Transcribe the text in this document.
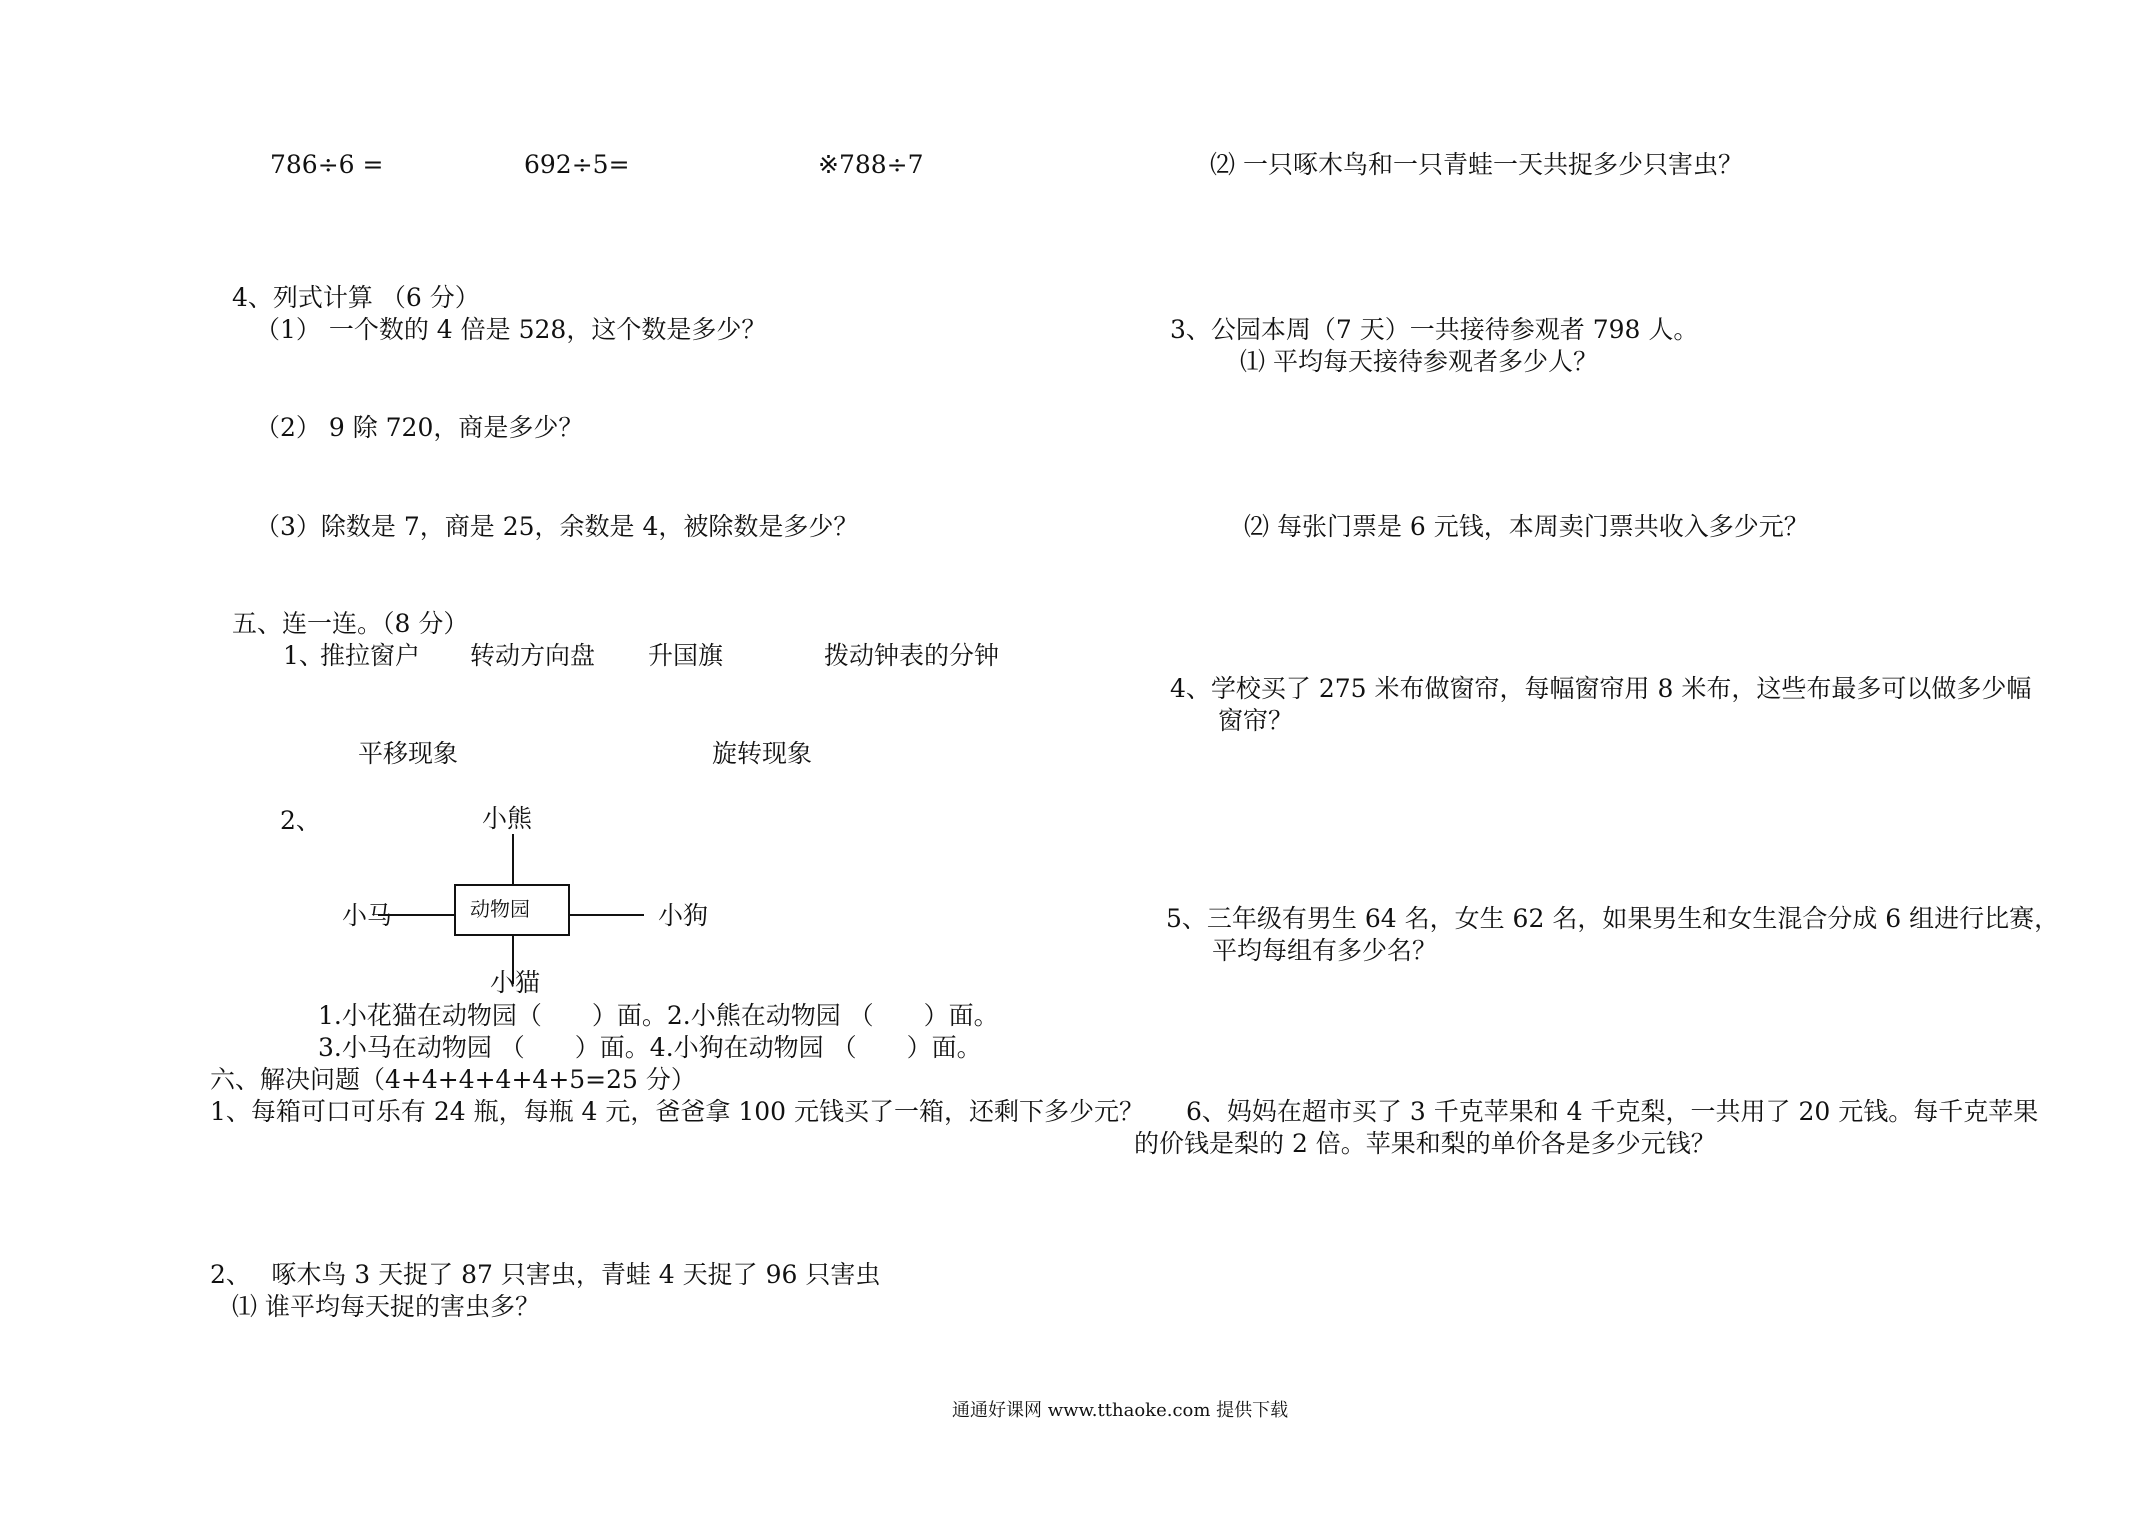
786÷6 =	692÷5=	※788÷7
4、列式计算 （6 分）
（1） 一个数的 4 倍是 528，这个数是多少？
（2） 9 除 720，商是多少？
（3）除数是 7，商是 25，余数是 4，被除数是多少？
五、连一连。（8 分）
1、
推拉窗户 转动方向盘 升国旗	拨动钟表的分钟
平移现象	旋转现象
2、
动物园
小熊
小猫
小马	小狗
1.小花猫在动物园（　　）面。2.小熊在动物园 （　　）面。
3.小马在动物园 （　　）面。4.小狗在动物园 （　　）面。
六、解决问题（4+4+4+4+4+5=25 分）
1、每箱可口可乐有 24 瓶，每瓶 4 元，爸爸拿 100 元钱买了一箱，还剩下多少元？
2、　 啄木鸟 3 天捉了 87 只害虫，青蛙 4 天捉了 96 只害虫
⑴ 谁平均每天捉的害虫多？
⑵ 一只啄木鸟和一只青蛙一天共捉多少只害虫？
3、公园本周（7 天）一共接待参观者 798 人。
⑴ 平均每天接待参观者多少人？
⑵ 每张门票是 6 元钱，本周卖门票共收入多少元？
4、学校买了 275 米布做窗帘，每幅窗帘用 8 米布，这些布最多可以做多少幅
窗帘？
5、三年级有男生 64 名，女生 62 名，如果男生和女生混合分成 6 组进行比赛，
平均每组有多少名？
6、妈妈在超市买了 3 千克苹果和 4 千克梨，一共用了 20 元钱。每千克苹果
的价钱是梨的 2 倍。苹果和梨的单价各是多少元钱？
通通好课网 www.tthaoke.com 提供下载
